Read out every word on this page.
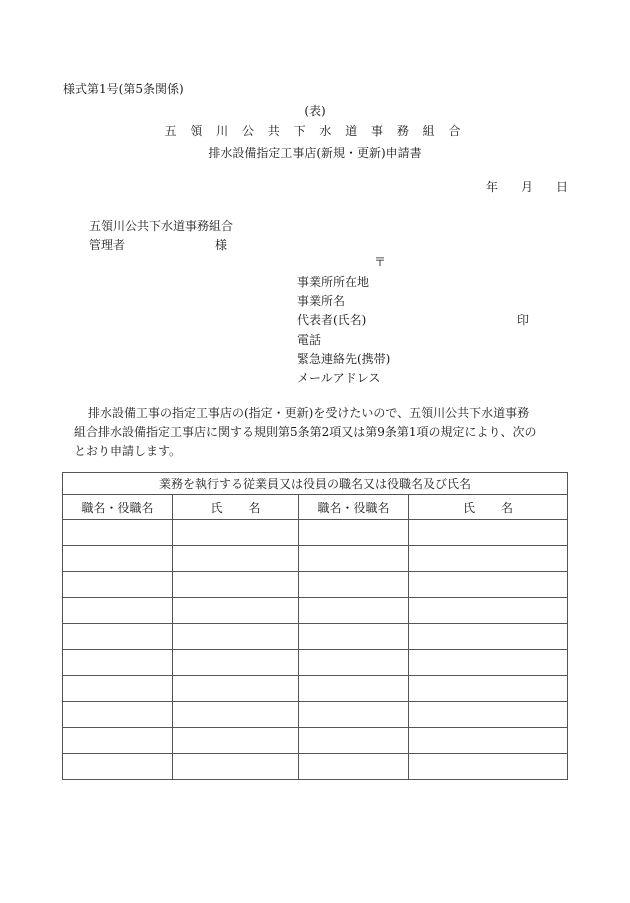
様式第1号(第5条関係)
(表)
五 領 川 公 共 下 水 道 事 務 組 合
排水設備指定工事店(新規・更新)申請書
年 月 日
五領川公共下水道事務組合
管理者	様
〒
事業所所在地
事業所名
代表者(氏名)	印
電話
緊急連絡先(携帯)
メールアドレス

排水設備工事の指定工事店の(指定・更新)を受けたいので、五領川公共下水道事務

組合排水設備指定工事店に関する規則第5条第2項又は第9条第1項の規定により、次の

とおり申請します。

業務を執行する従業員又は役員の職名又は役職名及び氏名			
職名・役職名	氏名	職名・役職名	氏名
